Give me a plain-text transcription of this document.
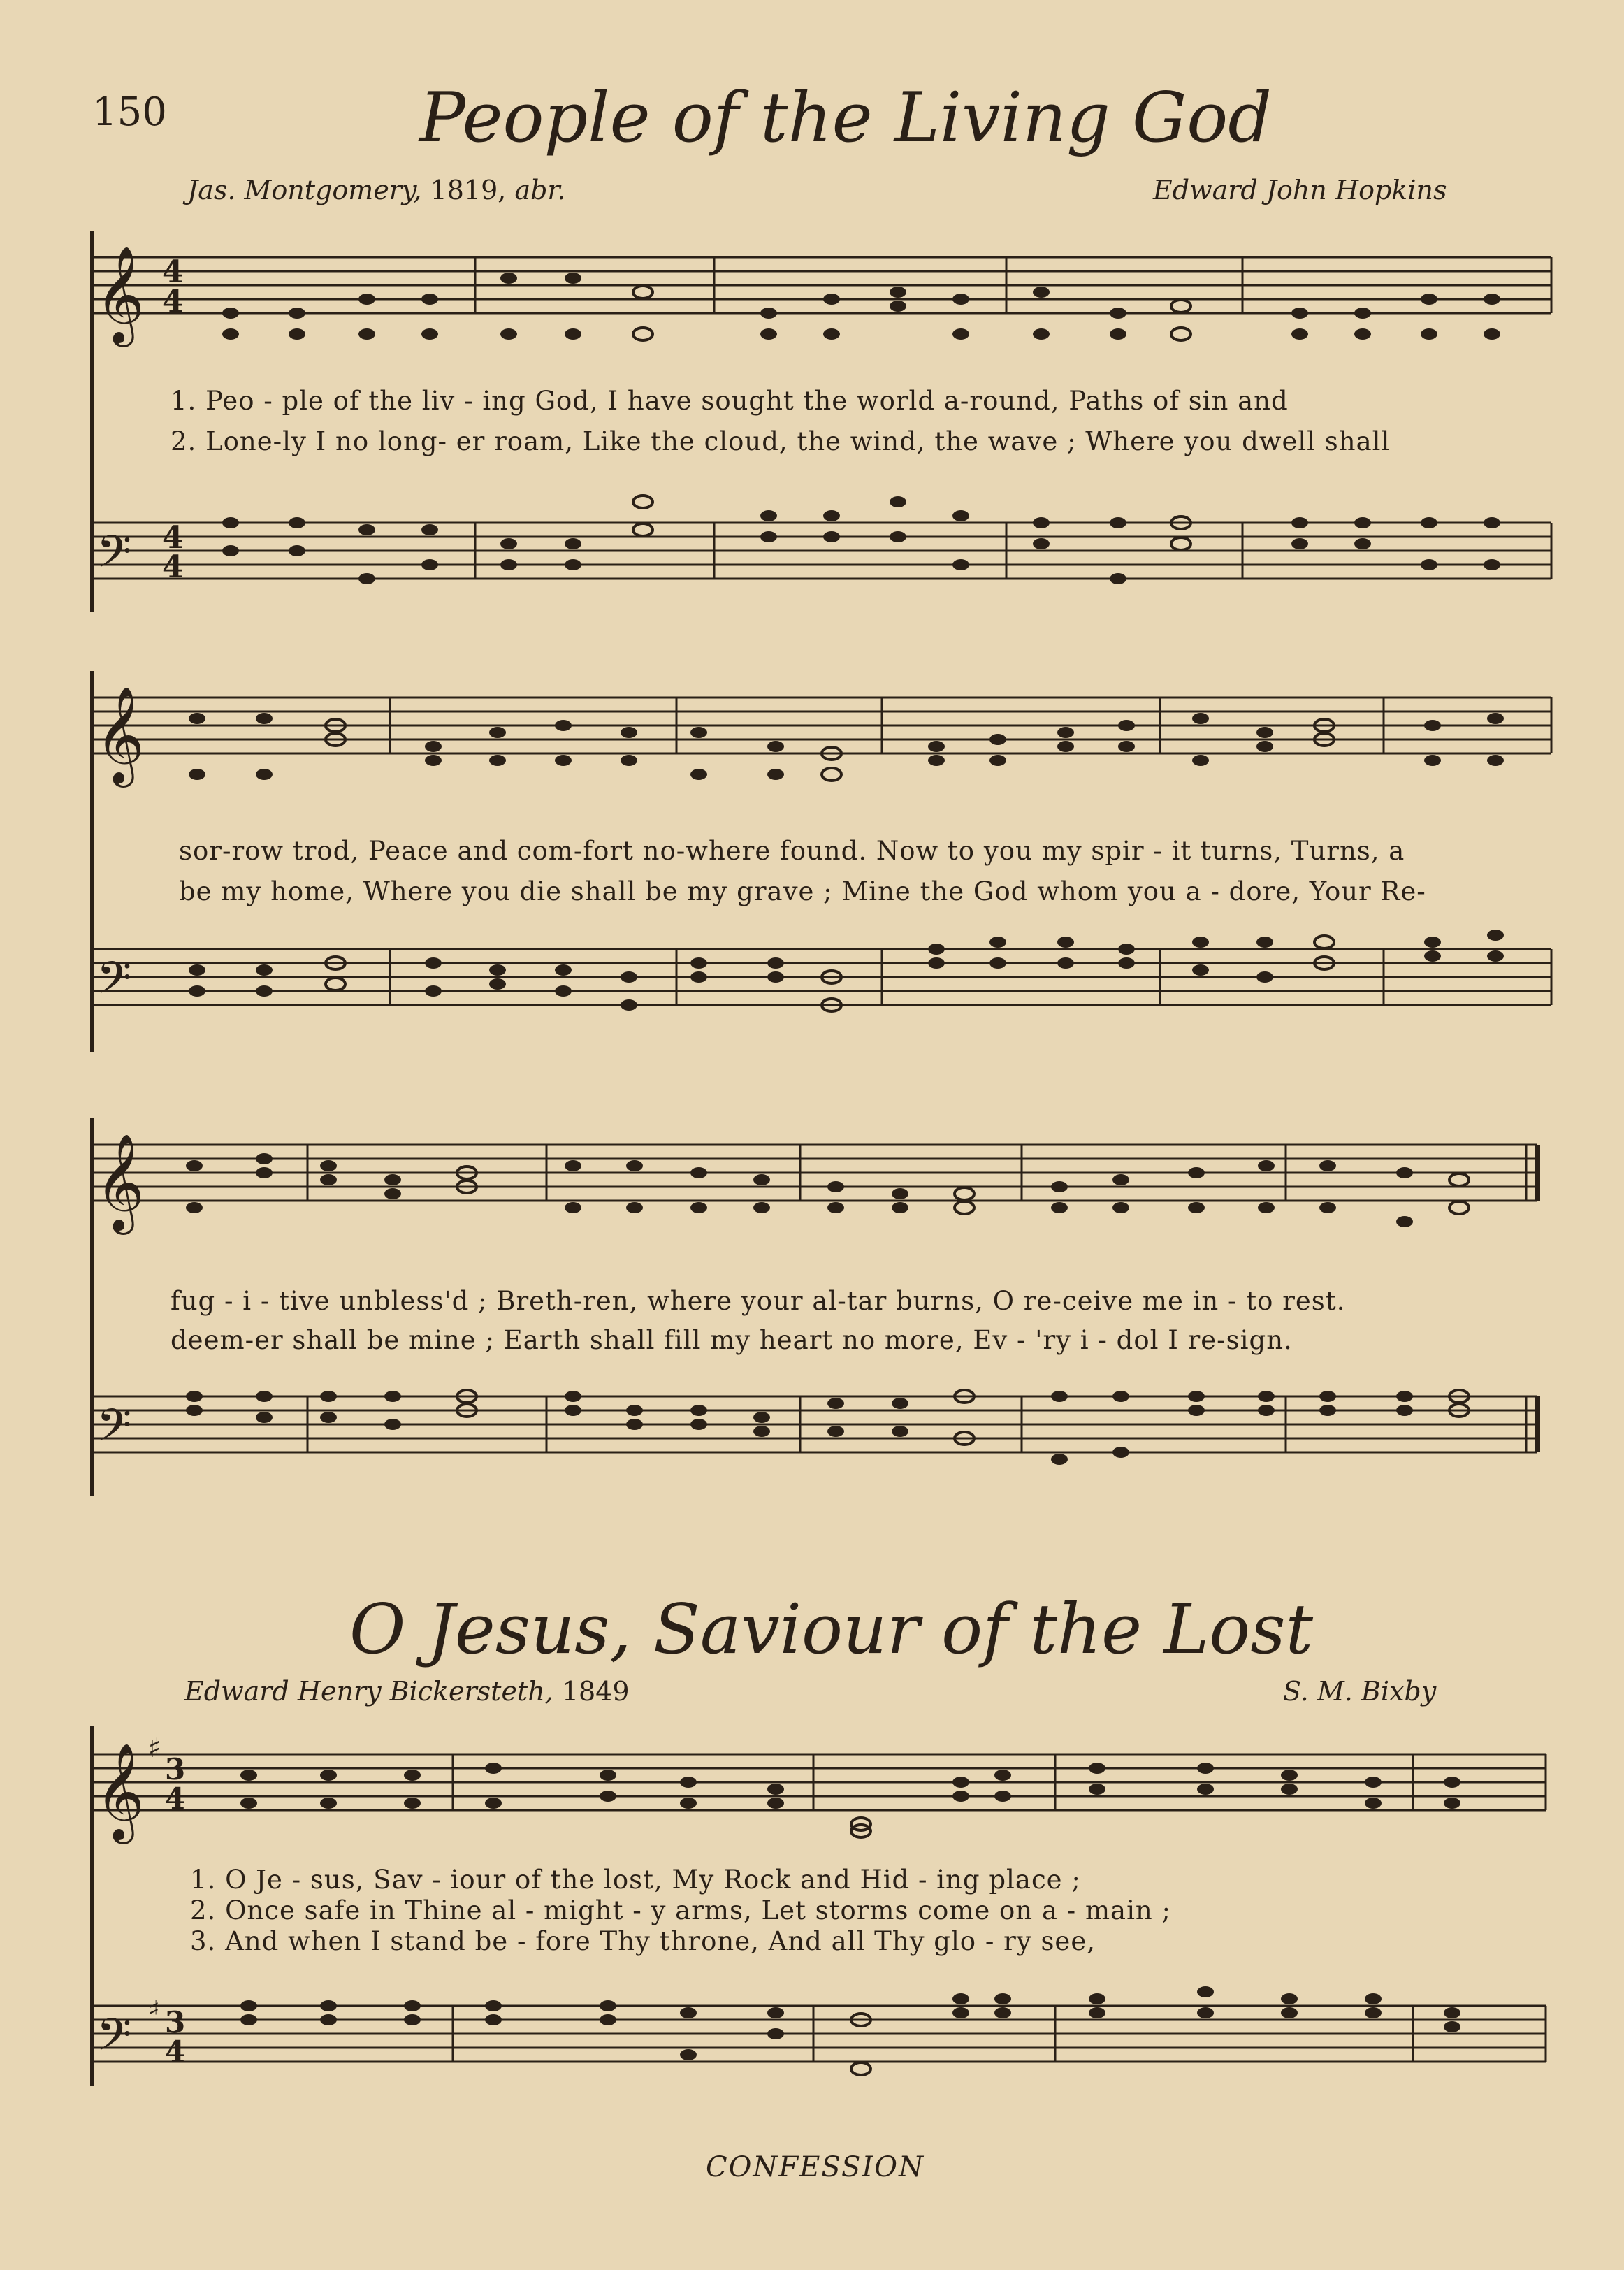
150	People of the Living God
Jas. Montgomery, 1819, abr.	Edward John Hopkins
𝄞 4
4
𝄢 4
4
1. Peo - ple of the liv - ing God, I have sought the world a-round, Paths of sin and
2. Lone-ly I no long- er roam, Like the cloud, the wind, the wave ; Where you dwell shall
𝄞
𝄢
sor-row trod, Peace and com-fort no-where found. Now to you my spir - it turns, Turns, a
be my home, Where you die shall be my grave ; Mine the God whom you a - dore, Your Re-
𝄞
𝄢
fug - i - tive unbless'd ; Breth-ren, where your al-tar burns, O re-ceive me in - to rest.
deem-er shall be mine ; Earth shall fill my heart no more, Ev - 'ry i - dol I re-sign.
O Jesus, Saviour of the Lost
Edward Henry Bickersteth, 1849	S. M. Bixby
𝄞 ♯
3
4
𝄢 ♯ 3
4
1. O Je - sus, Sav - iour of the lost, My Rock and Hid - ing place ;
2. Once safe in Thine al - might - y arms, Let storms come on a - main ;
3. And when I stand be - fore Thy throne, And all Thy glo - ry see,
CONFESSION
